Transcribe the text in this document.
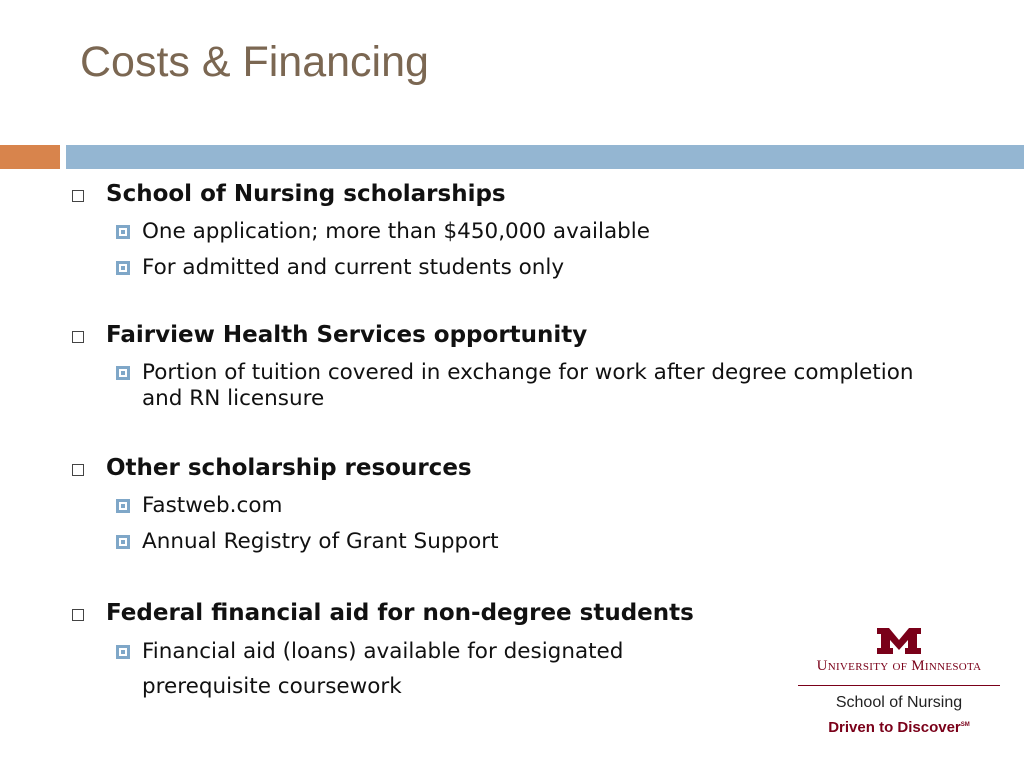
Costs & Financing
School of Nursing scholarships
One application; more than $450,000 available
For admitted and current students only
Fairview Health Services opportunity
Portion of tuition covered in exchange for work after degree completion and RN licensure
Other scholarship resources
Fastweb.com
Annual Registry of Grant Support
Federal financial aid for non-degree students
Financial aid (loans) available for designated
prerequisite coursework
University of Minnesota
School of Nursing
Driven to Discover℠
